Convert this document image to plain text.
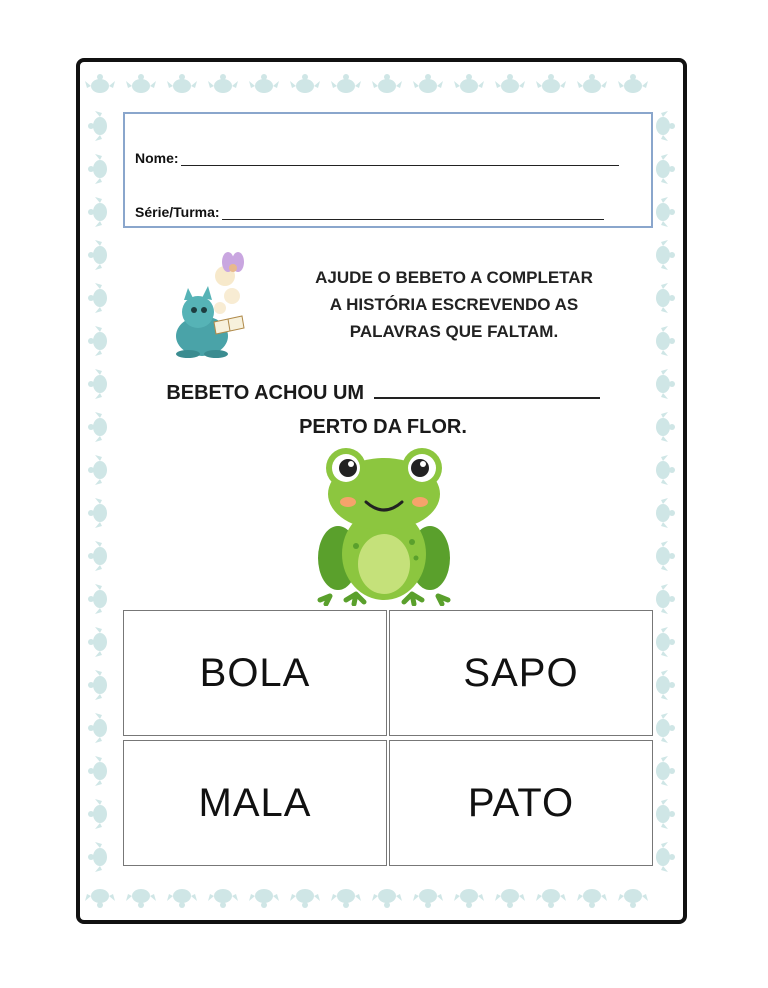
Nome:
Série/Turma:
AJUDE O BEBETO A COMPLETAR
A HISTÓRIA ESCREVENDO AS
PALAVRAS QUE FALTAM.
BEBETO ACHOU UM
PERTO DA FLOR.
BOLA	SAPO
MALA	PATO
